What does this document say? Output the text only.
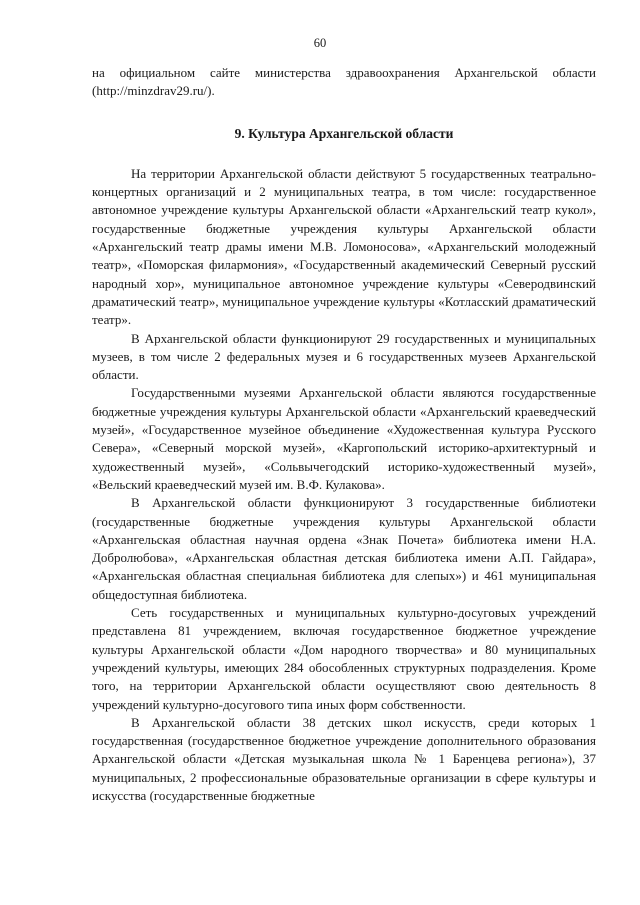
60

на официальном сайте министерства здравоохранения Архангельской области (http://minzdrav29.ru/).

9. Культура Архангельской области

На территории Архангельской области действуют 5 государственных театрально-концертных организаций и 2 муниципальных театра, в том числе: государственное автономное учреждение культуры Архангельской области «Архангельский театр кукол», государственные бюджетные учреждения культуры Архангельской области «Архангельский театр драмы имени М.В. Ломоносова», «Архангельский молодежный театр», «Поморская филармония», «Государственный академический Северный русский народный хор», муниципальное автономное учреждение культуры «Северодвинский драматический театр», муниципальное учреждение культуры «Котласский драматический театр».

В Архангельской области функционируют 29 государственных и муниципальных музеев, в том числе 2 федеральных музея и 6 государственных музеев Архангельской области.

Государственными музеями Архангельской области являются государственные бюджетные учреждения культуры Архангельской области «Архангельский краеведческий музей», «Государственное музейное объединение «Художественная культура Русского Севера», «Северный морской музей», «Каргопольский историко-архитектурный и художественный музей», «Сольвычегодский историко-художественный музей», «Вельский краеведческий музей им. В.Ф. Кулакова».

В Архангельской области функционируют 3 государственные библиотеки (государственные бюджетные учреждения культуры Архангельской области «Архангельская областная научная ордена «Знак Почета» библиотека имени Н.А. Добролюбова», «Архангельская областная детская библиотека имени А.П. Гайдара», «Архангельская областная специальная библиотека для слепых») и 461 муниципальная общедоступная библиотека.

Сеть государственных и муниципальных культурно-досуговых учреждений представлена 81 учреждением, включая государственное бюджетное учреждение культуры Архангельской области «Дом народного творчества» и 80 муниципальных учреждений культуры, имеющих 284 обособленных структурных подразделения. Кроме того, на территории Архангельской области осуществляют свою деятельность 8 учреждений культурно-досугового типа иных форм собственности.

В Архангельской области 38 детских школ искусств, среди которых 1 государственная (государственное бюджетное учреждение дополнительного образования Архангельской области «Детская музыкальная школа № 1 Баренцева региона»), 37 муниципальных, 2 профессиональные образовательные организации в сфере культуры и искусства (государственные бюджетные
